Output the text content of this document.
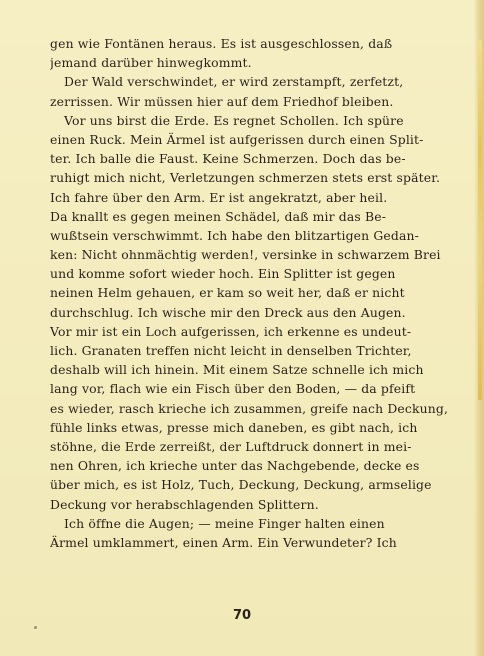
gen wie Fontänen heraus. Es ist ausgeschlossen, daß
jemand darüber hinwegkommt.
Der Wald verschwindet, er wird zerstampft, zerfetzt,
zerrissen. Wir müssen hier auf dem Friedhof bleiben.
Vor uns birst die Erde. Es regnet Schollen. Ich spüre
einen Ruck. Mein Ärmel ist aufgerissen durch einen Split-
ter. Ich balle die Faust. Keine Schmerzen. Doch das be-
ruhigt mich nicht, Verletzungen schmerzen stets erst später.
Ich fahre über den Arm. Er ist angekratzt, aber heil.
Da knallt es gegen meinen Schädel, daß mir das Be-
wußtsein verschwimmt. Ich habe den blitzartigen Gedan-
ken: Nicht ohnmächtig werden!, versinke in schwarzem Brei
und komme sofort wieder hoch. Ein Splitter ist gegen
neinen Helm gehauen, er kam so weit her, daß er nicht
durchschlug. Ich wische mir den Dreck aus den Augen.
Vor mir ist ein Loch aufgerissen, ich erkenne es undeut-
lich. Granaten treffen nicht leicht in denselben Trichter,
deshalb will ich hinein. Mit einem Satze schnelle ich mich
lang vor, flach wie ein Fisch über den Boden, — da pfeift
es wieder, rasch krieche ich zusammen, greife nach Deckung,
fühle links etwas, presse mich daneben, es gibt nach, ich
stöhne, die Erde zerreißt, der Luftdruck donnert in mei-
nen Ohren, ich krieche unter das Nachgebende, decke es
über mich, es ist Holz, Tuch, Deckung, Deckung, armselige
Deckung vor herabschlagenden Splittern.
Ich öffne die Augen; — meine Finger halten einen
Ärmel umklammert, einen Arm. Ein Verwundeter? Ich
70
